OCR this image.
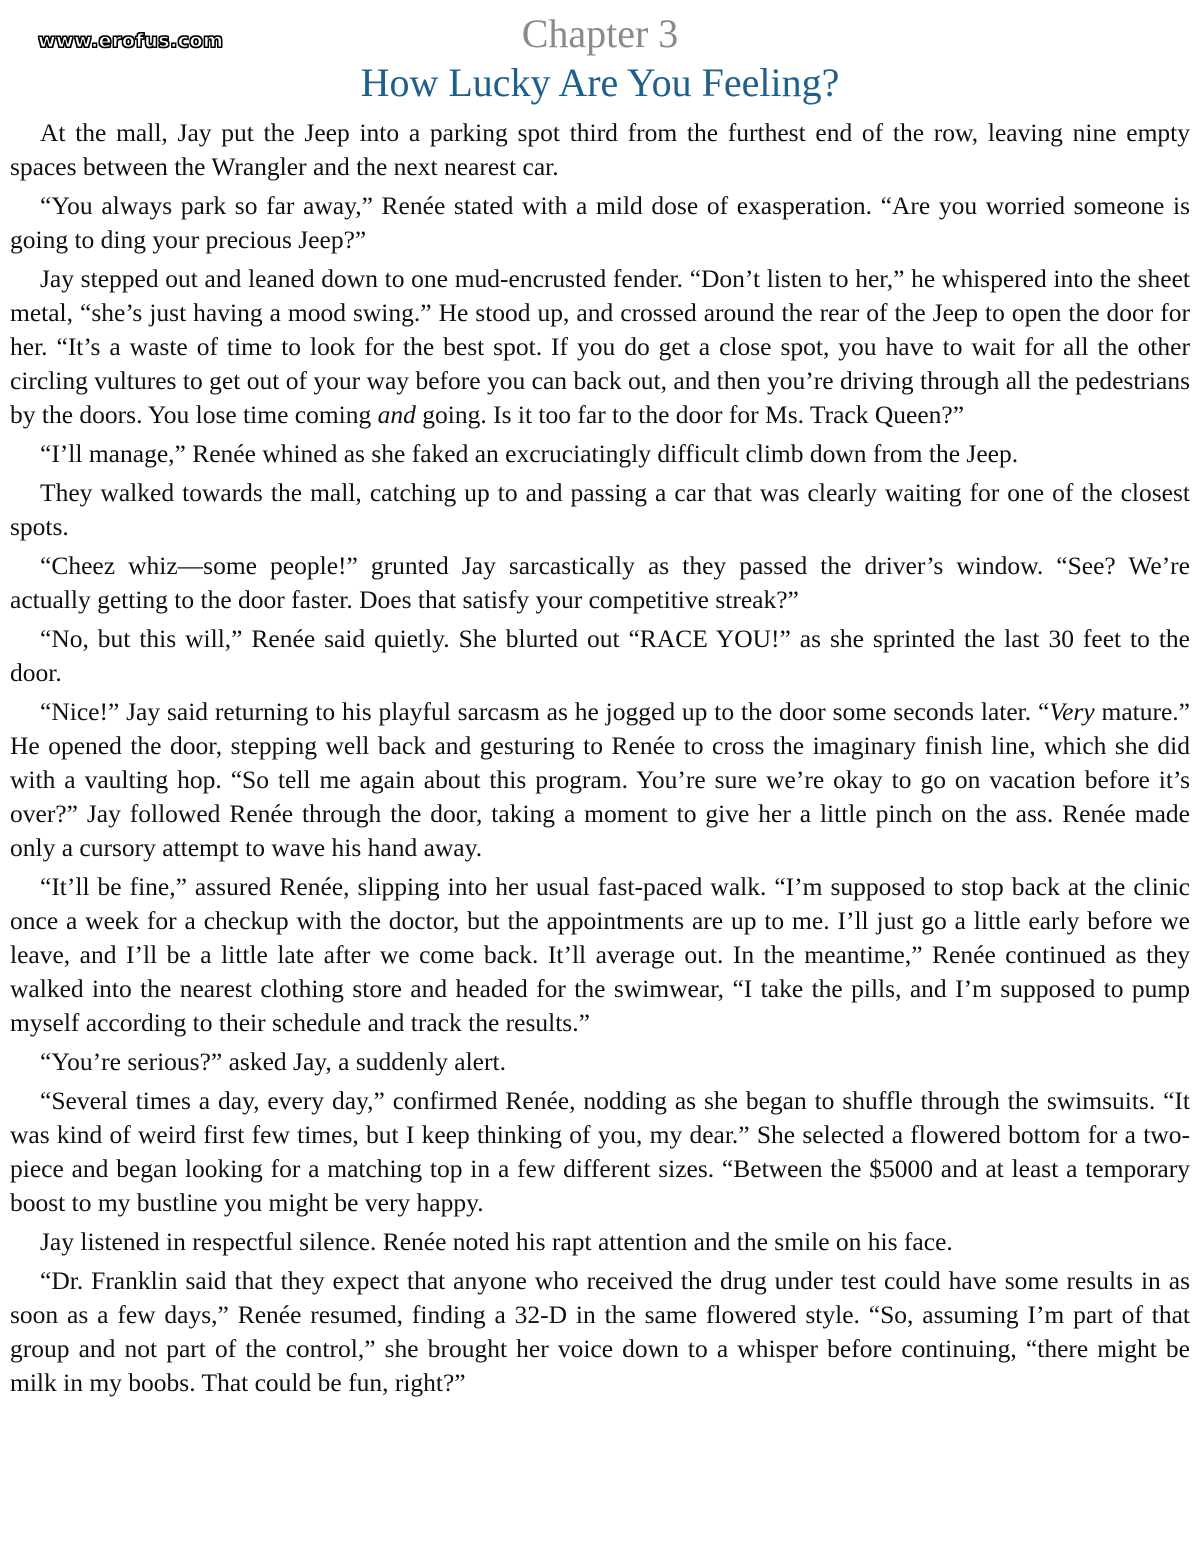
www.erofus.com	Chapter 3
How Lucky Are You Feeling?

At the mall, Jay put the Jeep into a parking spot third from the furthest end of the row, leaving nine empty spaces between the Wrangler and the next nearest car.

“You always park so far away,” Renée stated with a mild dose of exasperation. “Are you worried someone is going to ding your precious Jeep?”

Jay stepped out and leaned down to one mud-encrusted fender. “Don’t listen to her,” he whispered into the sheet metal, “she’s just having a mood swing.” He stood up, and crossed around the rear of the Jeep to open the door for her. “It’s a waste of time to look for the best spot. If you do get a close spot, you have to wait for all the other circling vultures to get out of your way before you can back out, and then you’re driving through all the pedestrians by the doors. You lose time coming and going. Is it too far to the door for Ms. Track Queen?”

“I’ll manage,” Renée whined as she faked an excruciatingly difficult climb down from the Jeep.

They walked towards the mall, catching up to and passing a car that was clearly waiting for one of the closest spots.

“Cheez whiz—some people!” grunted Jay sarcastically as they passed the driver’s window. “See? We’re actually getting to the door faster. Does that satisfy your competitive streak?”

“No, but this will,” Renée said quietly. She blurted out “RACE YOU!” as she sprinted the last 30 feet to the door.

“Nice!” Jay said returning to his playful sarcasm as he jogged up to the door some seconds later. “Very mature.” He opened the door, stepping well back and gesturing to Renée to cross the imaginary finish line, which she did with a vaulting hop. “So tell me again about this program. You’re sure we’re okay to go on vacation before it’s over?” Jay followed Renée through the door, taking a moment to give her a little pinch on the ass. Renée made only a cursory attempt to wave his hand away.

“It’ll be fine,” assured Renée, slipping into her usual fast-paced walk. “I’m supposed to stop back at the clinic once a week for a checkup with the doctor, but the appointments are up to me. I’ll just go a little early before we leave, and I’ll be a little late after we come back. It’ll average out. In the meantime,” Renée continued as they walked into the nearest clothing store and headed for the swimwear, “I take the pills, and I’m supposed to pump myself according to their schedule and track the results.”

“You’re serious?” asked Jay, a suddenly alert.

“Several times a day, every day,” confirmed Renée, nodding as she began to shuffle through the swimsuits. “It was kind of weird first few times, but I keep thinking of you, my dear.” She selected a flowered bottom for a two-piece and began looking for a matching top in a few different sizes. “Between the $5000 and at least a temporary boost to my bustline you might be very happy.

Jay listened in respectful silence. Renée noted his rapt attention and the smile on his face.

“Dr. Franklin said that they expect that anyone who received the drug under test could have some results in as soon as a few days,” Renée resumed, finding a 32-D in the same flowered style. “So, assuming I’m part of that group and not part of the control,” she brought her voice down to a whisper before continuing, “there might be milk in my boobs. That could be fun, right?”
